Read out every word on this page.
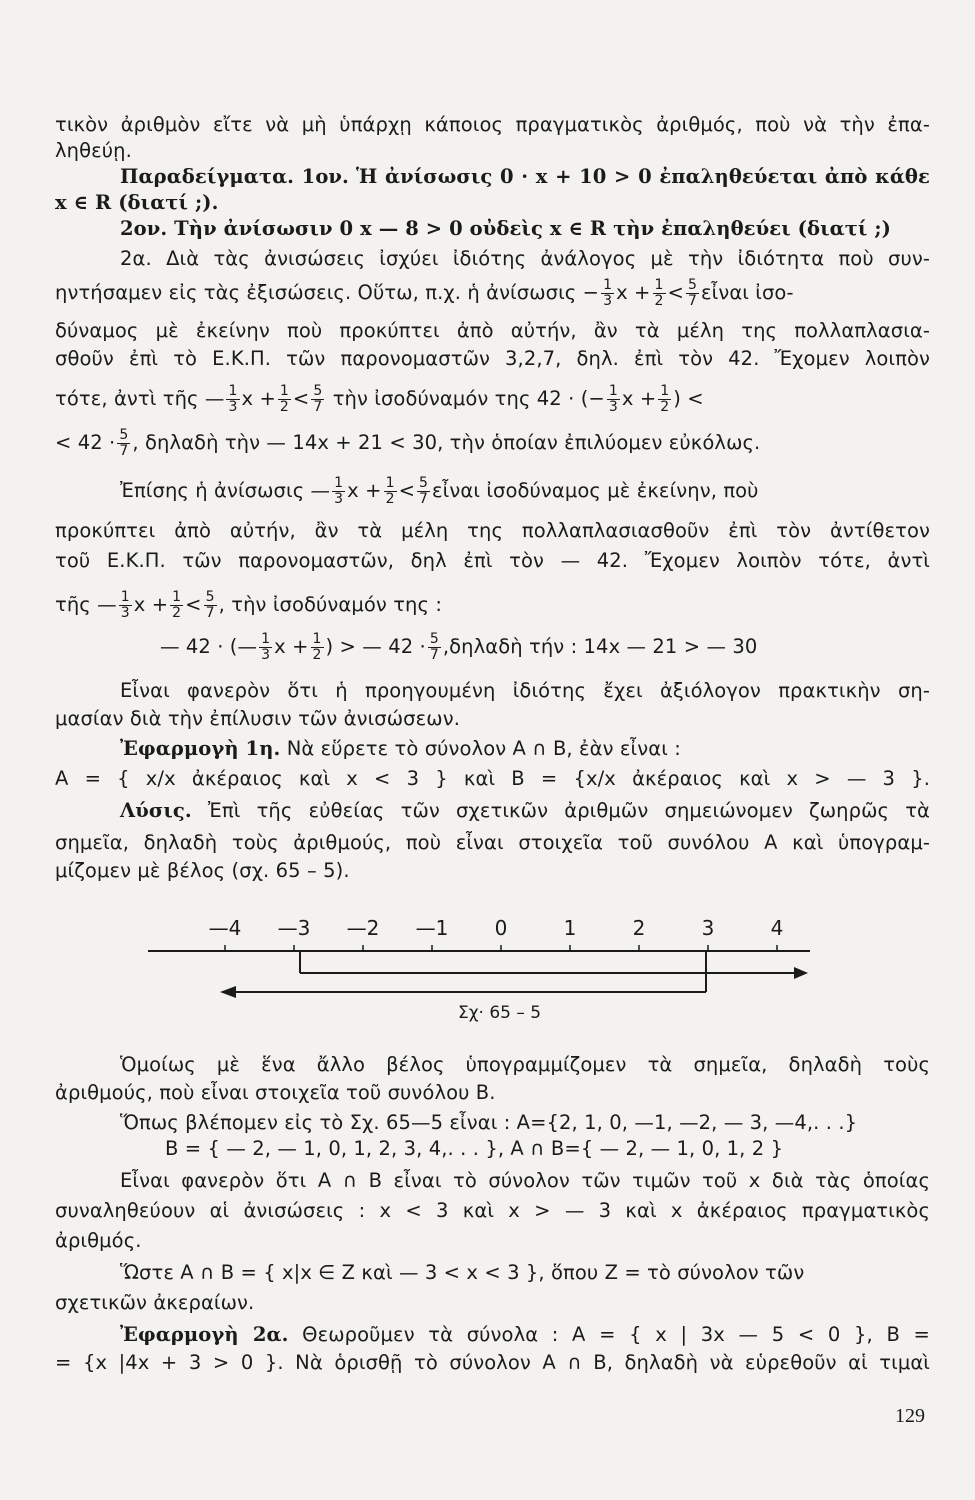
τικὸν ἀριθμὸν εἴτε νὰ μὴ ὑπάρχῃ κάποιος πραγματικὸς ἀριθμός, ποὺ νὰ τὴν ἐπα-
ληθεύῃ.
Παραδείγματα. 1ον. Ἡ ἀνίσωσις 0 · x + 10 > 0 ἐπαληθεύεται ἀπὸ κάθε
x ∈ R (διατί ;).
2ον. Τὴν ἀνίσωσιν 0 x — 8 > 0 οὐδεὶς x ∈ R τὴν ἐπαληθεύει (διατί ;)
2α. Διὰ τὰς ἀνισώσεις ἰσχύει ἰδιότης ἀνάλογος μὲ τὴν ἰδιότητα ποὺ συν-
ηντήσαμεν εἰς τὰς ἐξισώσεις. Οὕτω, π.χ. ἡ ἀνίσωσις − $\frac{1}{3}$ $x + \frac{1}{2} < \frac{5}{7}$ εἶναι ἰσο-
δύναμος μὲ ἐκείνην ποὺ προκύπτει ἀπὸ αὐτήν, ἂν τὰ μέλη της πολλαπλασια-
σθοῦν ἐπὶ τὸ Ε.Κ.Π. τῶν παρονομαστῶν 3,2,7, δηλ. ἐπὶ τὸν 42. Ἔχομεν λοιπὸν
τότε, ἀντὶ τῆς — $\frac{1}{3}$ $x + \frac{1}{2} < \frac{5}{7}$ τὴν ἰσοδύναμόν της 42 · (− $\frac{1}{3}$ $x + \frac{1}{2}$ ) <
< $42 \cdot \frac{5}{7}$ , δηλαδὴ τὴν — 14x + 21 < 30, τὴν ὁποίαν ἐπιλύομεν εὐκόλως.
Ἐπίσης ἡ ἀνίσωσις — $\frac{1}{3}$ $x + \frac{1}{2} < \frac{5}{7}$ εἶναι ἰσοδύναμος μὲ ἐκείνην, ποὺ
προκύπτει ἀπὸ αὐτήν, ἂν τὰ μέλη της πολλαπλασιασθοῦν ἐπὶ τὸν ἀντίθετον
τοῦ Ε.Κ.Π. τῶν παρονομαστῶν, δηλ ἐπὶ τὸν — 42. Ἔχομεν λοιπὸν τότε, ἀντὶ
τῆς — $\frac{1}{3}$ $x + \frac{1}{2} < \frac{5}{7}$ , τὴν ἰσοδύναμόν της :
— 42 · (— $\frac{1}{3}$ $x + \frac{1}{2}$ ) > — $42 \cdot \frac{5}{7}$ ,δηλαδὴ τήν : 14x — 21 > — 30
Εἶναι φανερὸν ὅτι ἡ προηγουμένη ἰδιότης ἔχει ἀξιόλογον πρακτικὴν ση-
μασίαν διὰ τὴν ἐπίλυσιν τῶν ἀνισώσεων.
Ἐφαρμογὴ 1η. Νὰ εὕρετε τὸ σύνολον Α ∩ Β, ἐὰν εἶναι :
Α = { x/x ἀκέραιος καὶ x < 3 } καὶ Β = {x/x ἀκέραιος καὶ x > — 3 }.
Λύσις. Ἐπὶ τῆς εὐθείας τῶν σχετικῶν ἀριθμῶν σημειώνομεν ζωηρῶς τὰ
σημεῖα, δηλαδὴ τοὺς ἀριθμούς, ποὺ εἶναι στοιχεῖα τοῦ συνόλου Α καὶ ὑπογραμ-
μίζομεν μὲ βέλος (σχ. 65 – 5).
—4 —3 —2 —1 0	1	2	3	4
Σχ· 65 – 5
Ὁμοίως μὲ ἕνα ἄλλο βέλος ὑπογραμμίζομεν τὰ σημεῖα, δηλαδὴ τοὺς
ἀριθμούς, ποὺ εἶναι στοιχεῖα τοῦ συνόλου Β.
Ὅπως βλέπομεν εἰς τὸ Σχ. 65—5 εἶναι : Α={2, 1, 0, —1, —2, — 3, —4,. . .}
Β = { — 2, — 1, 0, 1, 2, 3, 4,. . . }, Α ∩ Β={ — 2, — 1, 0, 1, 2 }
Εἶναι φανερὸν ὅτι Α ∩ Β εἶναι τὸ σύνολον τῶν τιμῶν τοῦ x διὰ τὰς ὁποίας
συναληθεύουν αἱ ἀνισώσεις : x < 3 καὶ x > — 3 καὶ x ἀκέραιος πραγματικὸς
ἀριθμός.
Ὥστε Α ∩ Β = { x|x ∈ Z καὶ — 3 < x < 3 }, ὅπου Z = τὸ σύνολον τῶν
σχετικῶν ἀκεραίων.
Ἐφαρμογὴ 2α. Θεωροῦμεν τὰ σύνολα : Α = { x | 3x — 5 < 0 }, Β =
= {x |4x + 3 > 0 }. Νὰ ὁρισθῇ τὸ σύνολον Α ∩ Β, δηλαδὴ νὰ εὑρεθοῦν αἱ τιμαὶ
129
